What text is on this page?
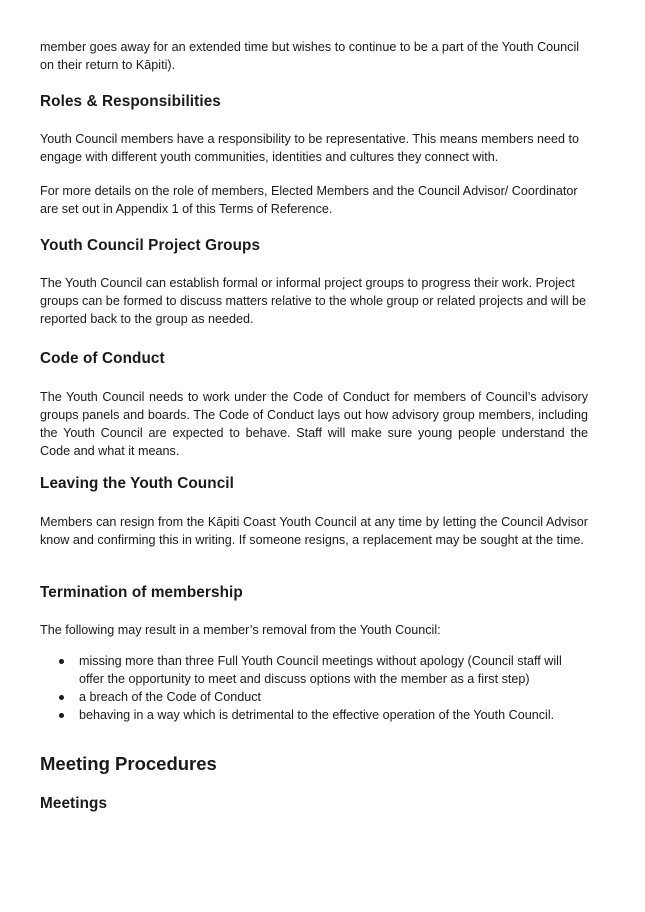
member goes away for an extended time but wishes to continue to be a part of the Youth Council on their return to Kāpiti).

Roles & Responsibilities

Youth Council members have a responsibility to be representative. This means members need to engage with different youth communities, identities and cultures they connect with.

For more details on the role of members, Elected Members and the Council Advisor/ Coordinator are set out in Appendix 1 of this Terms of Reference.

Youth Council Project Groups

The Youth Council can establish formal or informal project groups to progress their work. Project groups can be formed to discuss matters relative to the whole group or related projects and will be reported back to the group as needed.

Code of Conduct

The Youth Council needs to work under the Code of Conduct for members of Council’s advisory groups panels and boards. The Code of Conduct lays out how advisory group members, including the Youth Council are expected to behave. Staff will make sure young people understand the Code and what it means.

Leaving the Youth Council

Members can resign from the Kāpiti Coast Youth Council at any time by letting the Council Advisor know and confirming this in writing. If someone resigns, a replacement may be sought at the time.

Termination of membership

The following may result in a member’s removal from the Youth Council:

missing more than three Full Youth Council meetings without apology (Council staff will offer the opportunity to meet and discuss options with the member as a first step)
a breach of the Code of Conduct
behaving in a way which is detrimental to the effective operation of the Youth Council.
Meeting Procedures
Meetings
